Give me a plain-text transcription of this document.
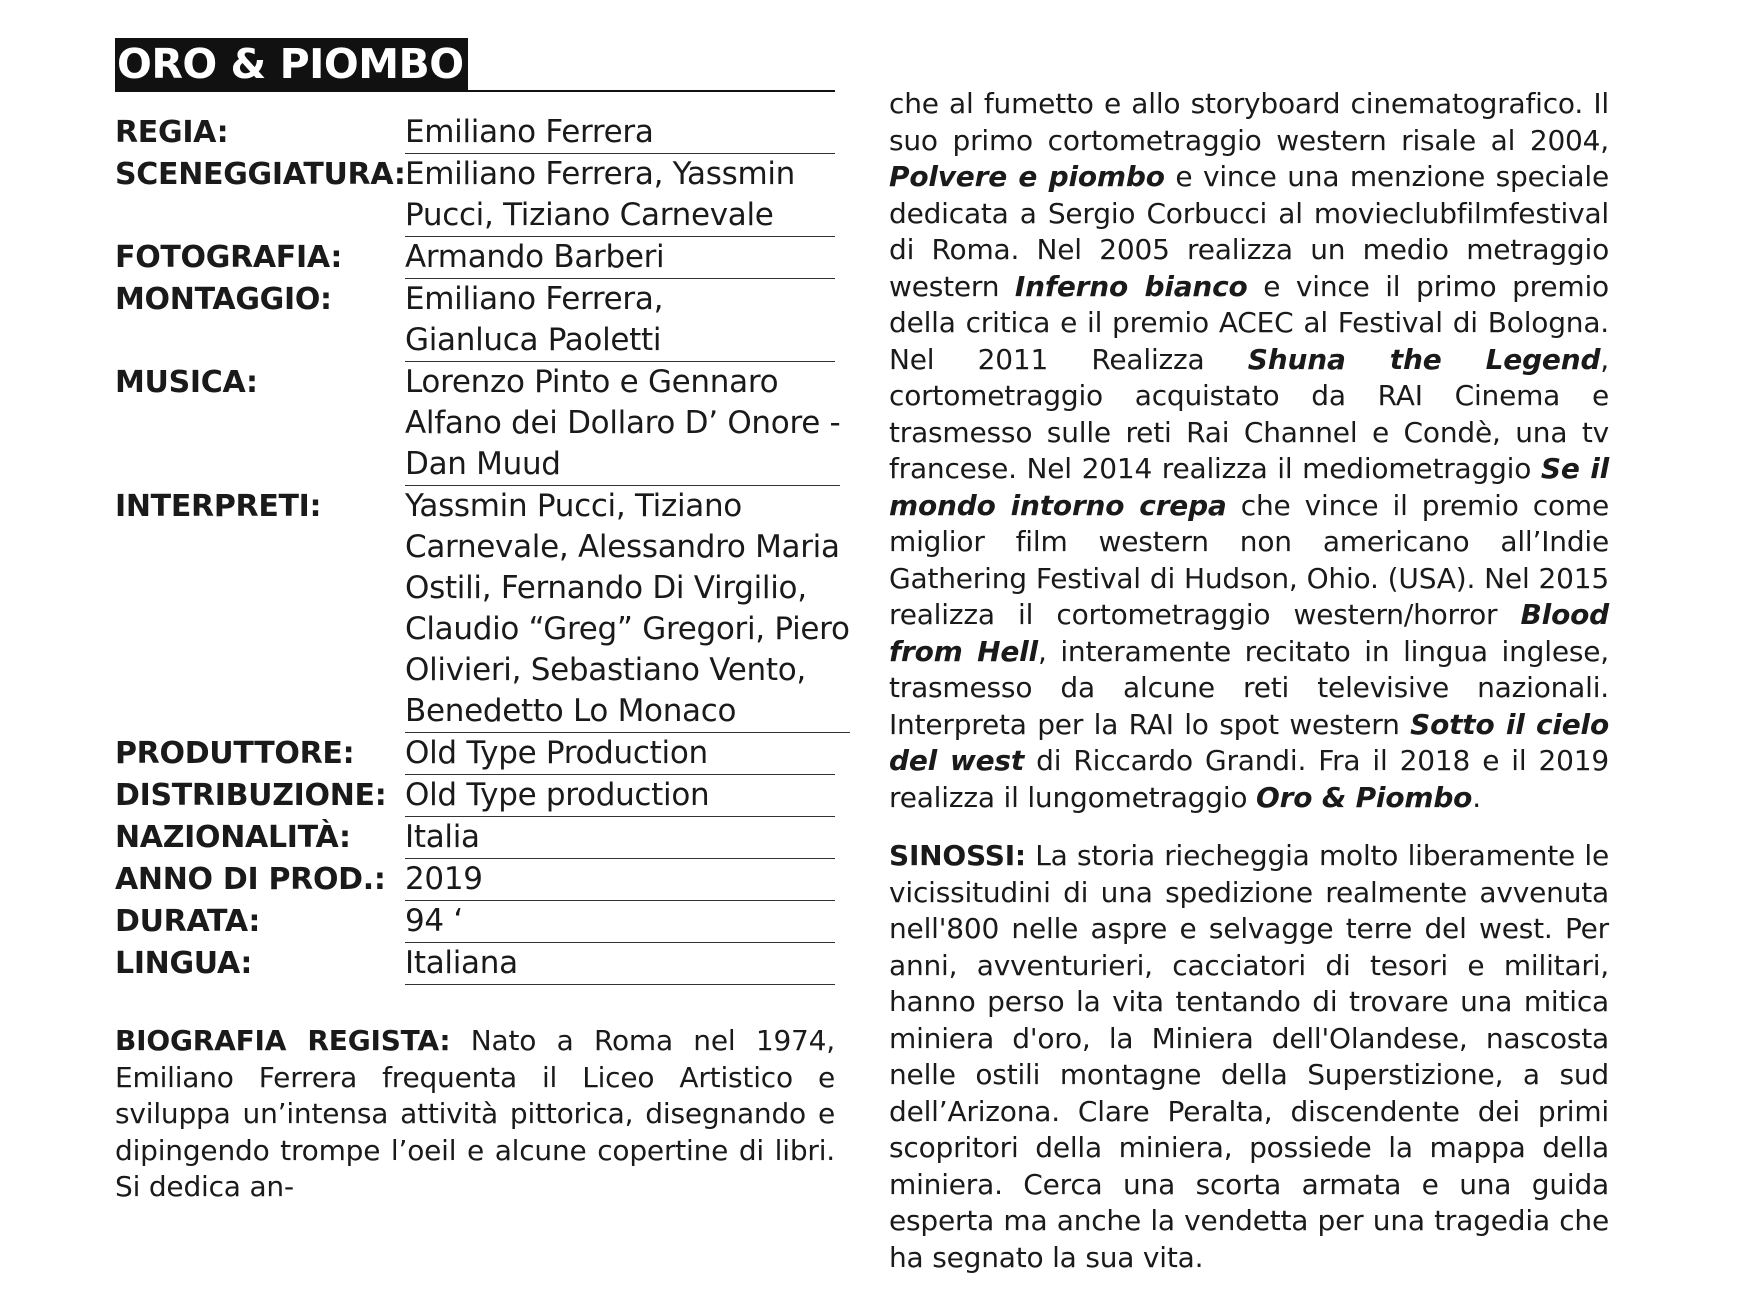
ORO & PIOMBO
REGIA:	Emiliano Ferrera
SCENEGGIATURA: Emiliano Ferrera, Yassmin
Pucci, Tiziano Carnevale
FOTOGRAFIA:	Armando Barberi
MONTAGGIO:	Emiliano Ferrera,
Gianluca Paoletti
MUSICA:	Lorenzo Pinto e Gennaro
Alfano dei Dollaro D’ Onore -
Dan Muud
INTERPRETI:	Yassmin Pucci, Tiziano
Carnevale, Alessandro Maria
Ostili, Fernando Di Virgilio,
Claudio “Greg” Gregori, Piero
Olivieri, Sebastiano Vento,
Benedetto Lo Monaco
PRODUTTORE:	Old Type Production
DISTRIBUZIONE: Old Type production
NAZIONALITÀ:	Italia
ANNO DI PROD.: 2019
DURATA:	94 ‘
LINGUA:	Italiana

BIOGRAFIA REGISTA: Nato a Roma nel 1974, Emiliano Ferrera frequenta il Liceo Artistico e sviluppa un’intensa attività pittorica, disegnando e dipingendo trompe l’oeil e alcune copertine di libri. Si dedica an-

che al fumetto e allo storyboard cinematografico. Il suo primo cortometraggio western risale al 2004, Polvere e piombo e vince una menzione speciale dedicata a Sergio Corbucci al movieclubfilmfestival di Roma. Nel 2005 realizza un medio metraggio western Inferno bianco e vince il primo premio della critica e il premio ACEC al Festival di Bologna. Nel 2011 Realizza Shuna the Legend, cortometraggio acquistato da RAI Cinema e trasmesso sulle reti Rai Channel e Condè, una tv francese. Nel 2014 realizza il mediometraggio Se il mondo intorno crepa che vince il premio come miglior film western non americano all’Indie Gathering Festival di Hudson, Ohio. (USA). Nel 2015 realizza il cortometraggio western/horror Blood from Hell, interamente recitato in lingua inglese, trasmesso da alcune reti televisive nazionali. Interpreta per la RAI lo spot western Sotto il cielo del west di Riccardo Grandi. Fra il 2018 e il 2019 realizza il lungometraggio Oro & Piombo.

SINOSSI: La storia riecheggia molto liberamente le vicissitudini di una spedizione realmente avvenuta nell'800 nelle aspre e selvagge terre del west. Per anni, avventurieri, cacciatori di tesori e militari, hanno perso la vita tentando di trovare una mitica miniera d'oro, la Miniera dell'Olandese, nascosta nelle ostili montagne della Superstizione, a sud dell’Arizona. Clare Peralta, discendente dei primi scopritori della miniera, possiede la mappa della miniera. Cerca una scorta armata e una guida esperta ma anche la vendetta per una tragedia che ha segnato la sua vita.
